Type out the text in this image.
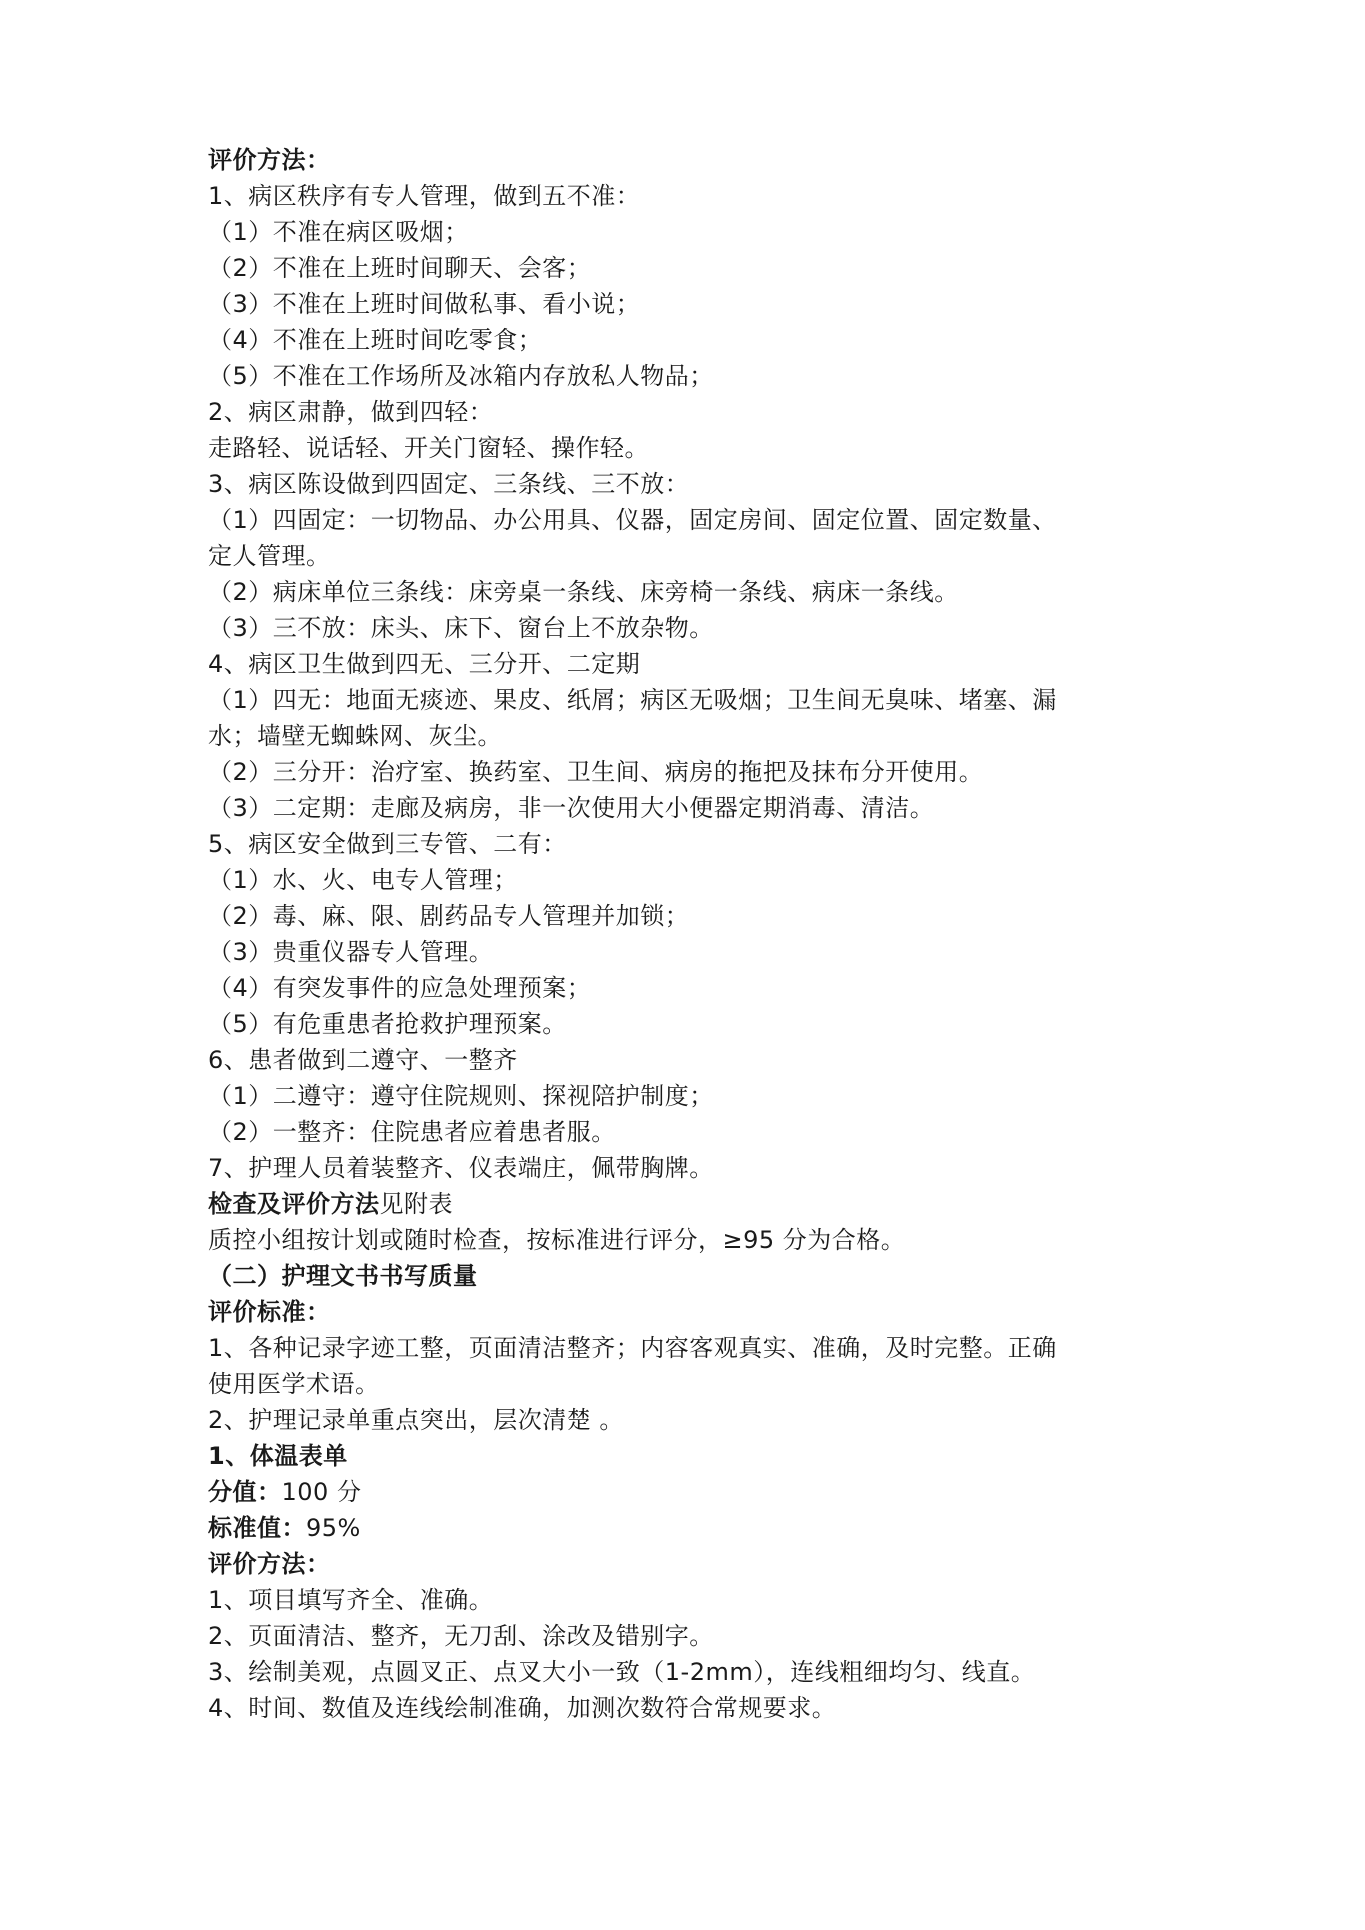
评价方法：
1、病区秩序有专人管理，做到五不准：
（1）不准在病区吸烟；
（2）不准在上班时间聊天、会客；
（3）不准在上班时间做私事、看小说；
（4）不准在上班时间吃零食；
（5）不准在工作场所及冰箱内存放私人物品；
2、病区肃静，做到四轻：
走路轻、说话轻、开关门窗轻、操作轻。
3、病区陈设做到四固定、三条线、三不放：
（1）四固定：一切物品、办公用具、仪器，固定房间、固定位置、固定数量、
定人管理。
（2）病床单位三条线：床旁桌一条线、床旁椅一条线、病床一条线。
（3）三不放：床头、床下、窗台上不放杂物。
4、病区卫生做到四无、三分开、二定期
（1）四无：地面无痰迹、果皮、纸屑；病区无吸烟；卫生间无臭味、堵塞、漏
水；墙壁无蜘蛛网、灰尘。
（2）三分开：治疗室、换药室、卫生间、病房的拖把及抹布分开使用。
（3）二定期：走廊及病房，非一次使用大小便器定期消毒、清洁。
5、病区安全做到三专管、二有：
（1）水、火、电专人管理；
（2）毒、麻、限、剧药品专人管理并加锁；
（3）贵重仪器专人管理。
（4）有突发事件的应急处理预案；
（5）有危重患者抢救护理预案。
6、患者做到二遵守、一整齐
（1）二遵守：遵守住院规则、探视陪护制度；
（2）一整齐：住院患者应着患者服。
7、护理人员着装整齐、仪表端庄，佩带胸牌。
检查及评价方法见附表
质控小组按计划或随时检查，按标准进行评分，≥95 分为合格。
（二）护理文书书写质量
评价标准：
1、各种记录字迹工整，页面清洁整齐；内容客观真实、准确，及时完整。正确
使用医学术语。
2、护理记录单重点突出，层次清楚 。
1、体温表单
分值：100 分
标准值：95%
评价方法：
1、项目填写齐全、准确。
2、页面清洁、整齐，无刀刮、涂改及错别字。
3、绘制美观，点圆叉正、点叉大小一致（1-2mm），连线粗细均匀、线直。
4、时间、数值及连线绘制准确，加测次数符合常规要求。
